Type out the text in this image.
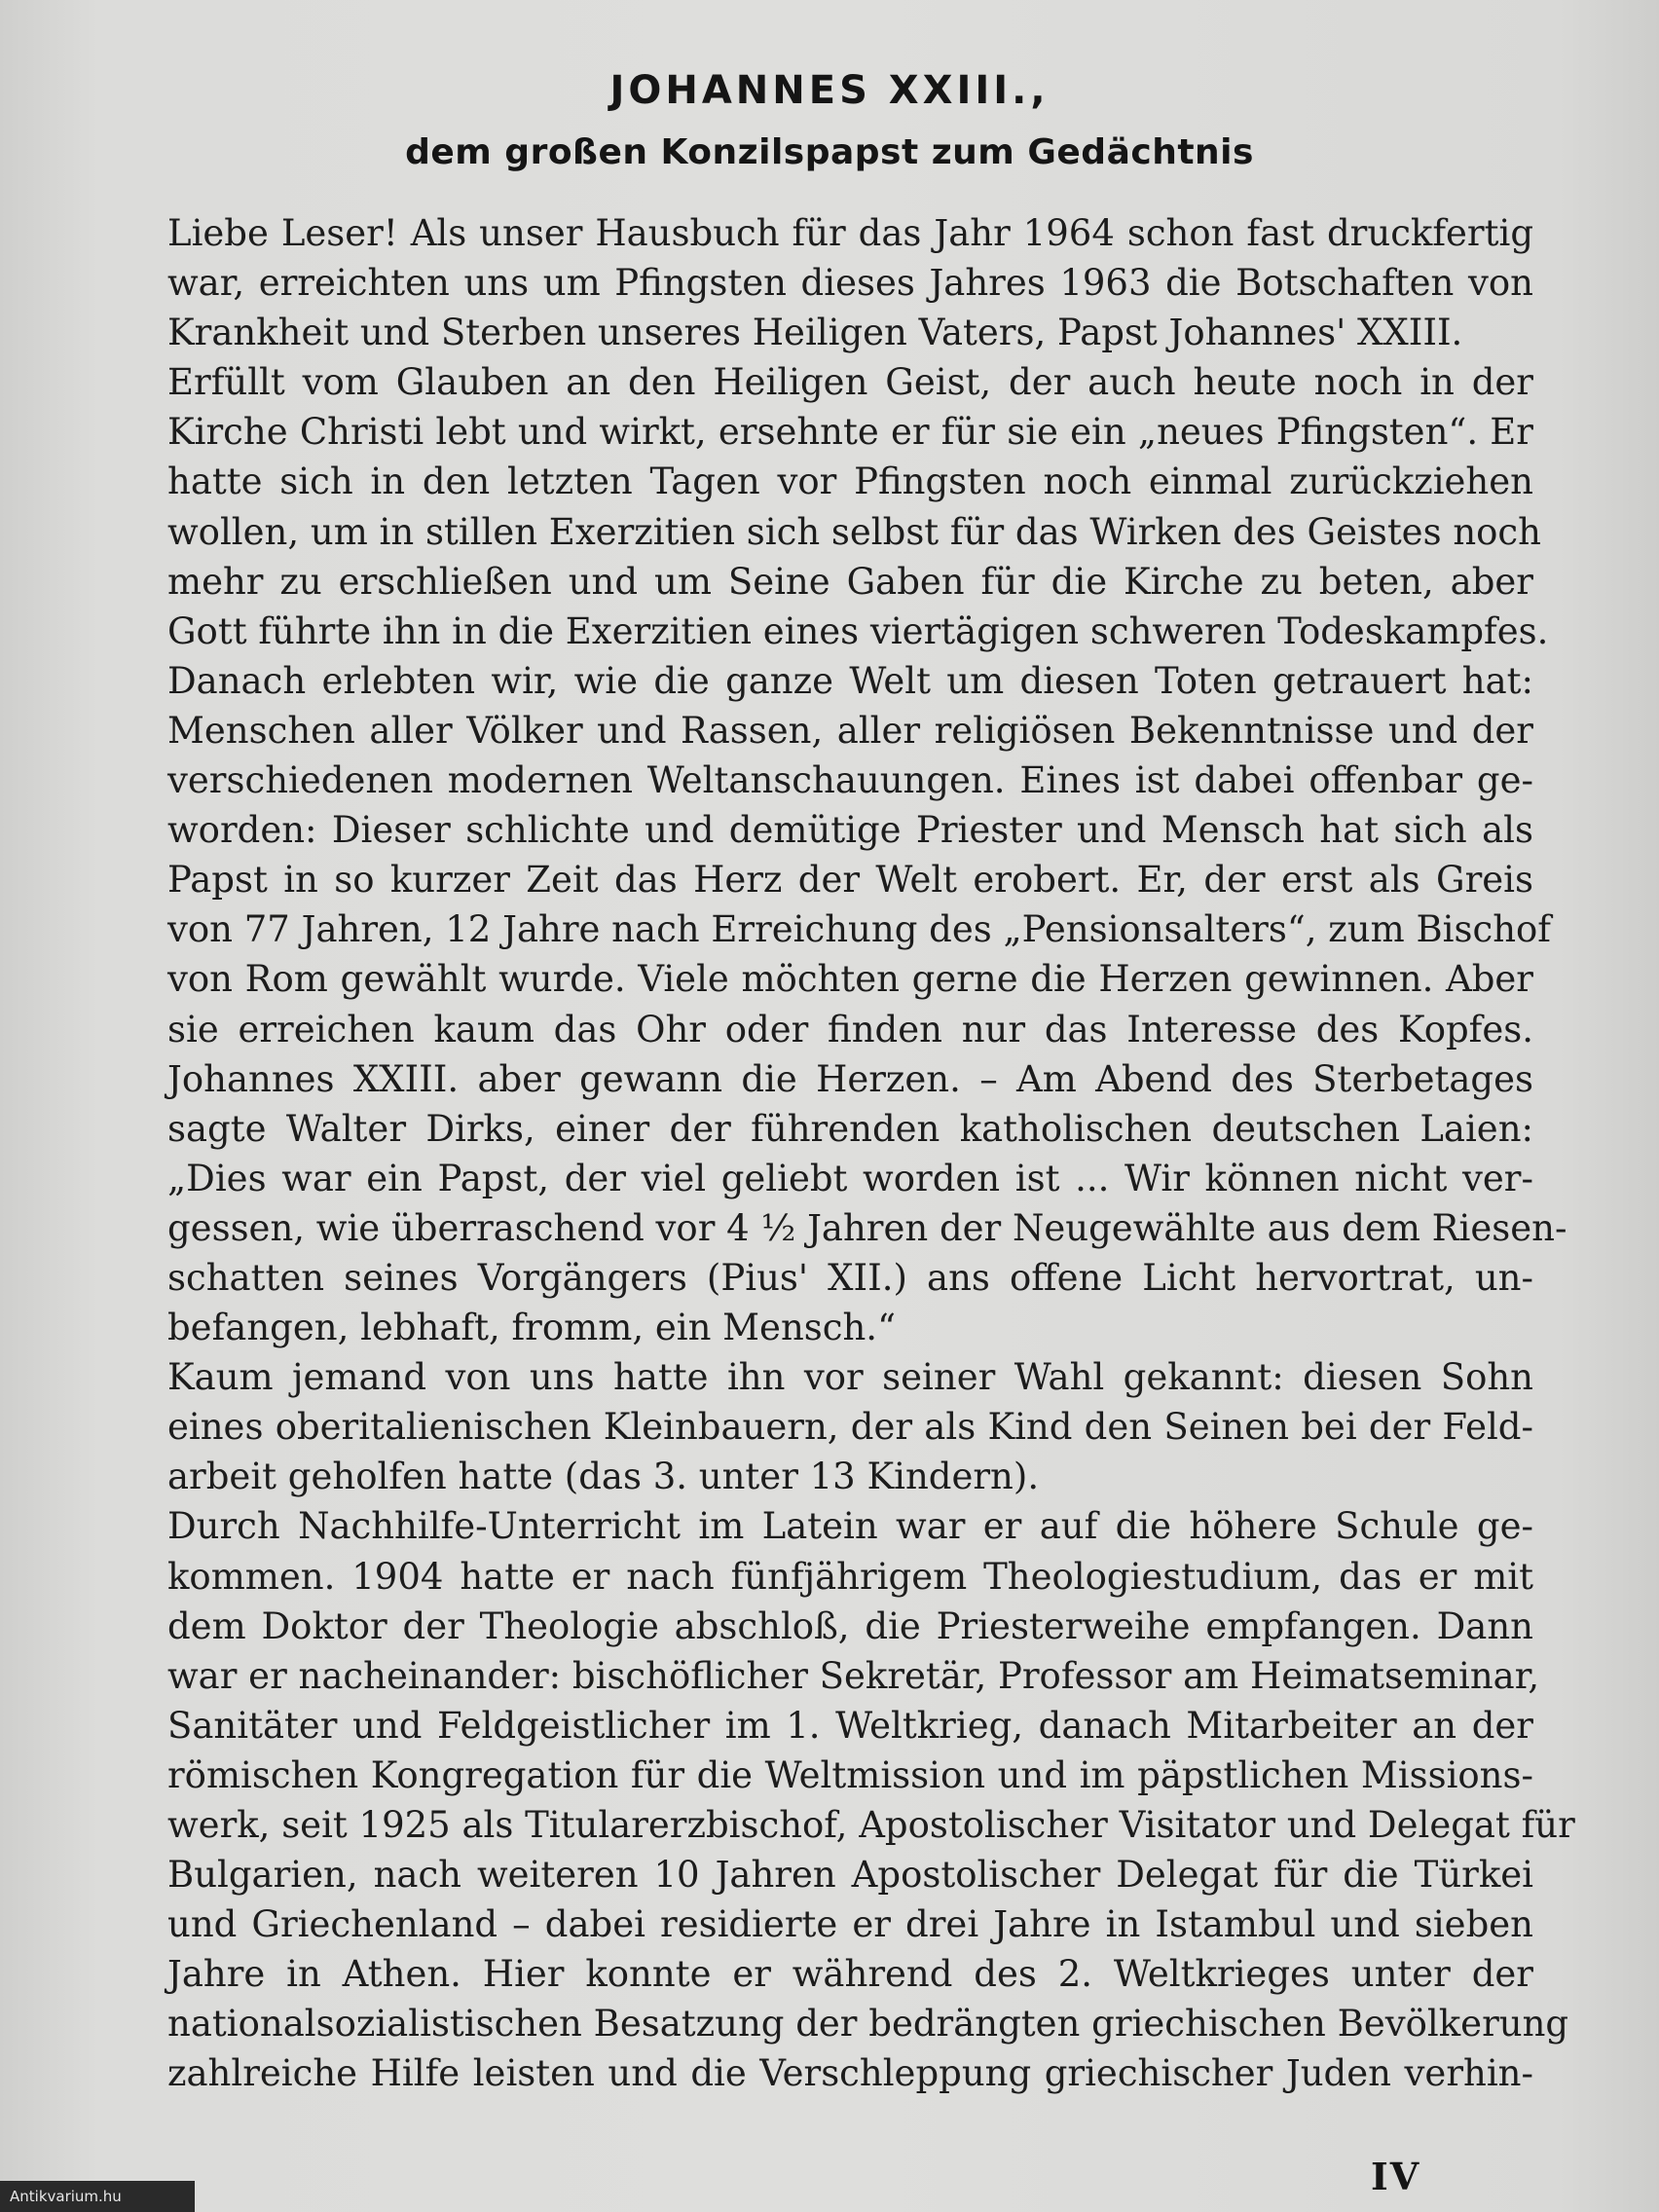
JOHANNES XXIII.,
dem großen Konzilspapst zum Gedächtnis
Liebe Leser! Als unser Hausbuch für das Jahr 1964 schon fast druckfertig
war, erreichten uns um Pfingsten dieses Jahres 1963 die Botschaften von
Krankheit und Sterben unseres Heiligen Vaters, Papst Johannes' XXIII.
Erfüllt vom Glauben an den Heiligen Geist, der auch heute noch in der
Kirche Christi lebt und wirkt, ersehnte er für sie ein „neues Pfingsten“. Er
hatte sich in den letzten Tagen vor Pfingsten noch einmal zurückziehen
wollen, um in stillen Exerzitien sich selbst für das Wirken des Geistes noch
mehr zu erschließen und um Seine Gaben für die Kirche zu beten, aber
Gott führte ihn in die Exerzitien eines viertägigen schweren Todeskampfes.
Danach erlebten wir, wie die ganze Welt um diesen Toten getrauert hat:
Menschen aller Völker und Rassen, aller religiösen Bekenntnisse und der
verschiedenen modernen Weltanschauungen. Eines ist dabei offenbar ge-
worden: Dieser schlichte und demütige Priester und Mensch hat sich als
Papst in so kurzer Zeit das Herz der Welt erobert. Er, der erst als Greis
von 77 Jahren, 12 Jahre nach Erreichung des „Pensionsalters“, zum Bischof
von Rom gewählt wurde. Viele möchten gerne die Herzen gewinnen. Aber
sie erreichen kaum das Ohr oder finden nur das Interesse des Kopfes.
Johannes XXIII. aber gewann die Herzen. – Am Abend des Sterbetages
sagte Walter Dirks, einer der führenden katholischen deutschen Laien:
„Dies war ein Papst, der viel geliebt worden ist ... Wir können nicht ver-
gessen, wie überraschend vor 4 ½ Jahren der Neugewählte aus dem Riesen-
schatten seines Vorgängers (Pius' XII.) ans offene Licht hervortrat, un-
befangen, lebhaft, fromm, ein Mensch.“
Kaum jemand von uns hatte ihn vor seiner Wahl gekannt: diesen Sohn
eines oberitalienischen Kleinbauern, der als Kind den Seinen bei der Feld-
arbeit geholfen hatte (das 3. unter 13 Kindern).
Durch Nachhilfe-Unterricht im Latein war er auf die höhere Schule ge-
kommen. 1904 hatte er nach fünfjährigem Theologiestudium, das er mit
dem Doktor der Theologie abschloß, die Priesterweihe empfangen. Dann
war er nacheinander: bischöflicher Sekretär, Professor am Heimatseminar,
Sanitäter und Feldgeistlicher im 1. Weltkrieg, danach Mitarbeiter an der
römischen Kongregation für die Weltmission und im päpstlichen Missions-
werk, seit 1925 als Titularerzbischof, Apostolischer Visitator und Delegat für
Bulgarien, nach weiteren 10 Jahren Apostolischer Delegat für die Türkei
und Griechenland – dabei residierte er drei Jahre in Istambul und sieben
Jahre in Athen. Hier konnte er während des 2. Weltkrieges unter der
nationalsozialistischen Besatzung der bedrängten griechischen Bevölkerung
zahlreiche Hilfe leisten und die Verschleppung griechischer Juden verhin-
IV
Antikvarium.hu
